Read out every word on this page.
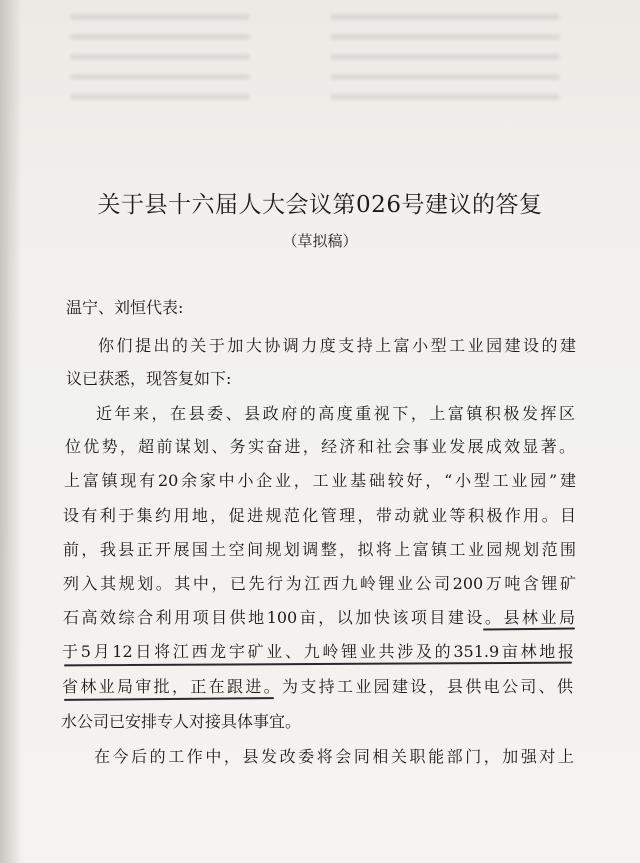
关于县十六届人大会议第026号建议的答复
（草拟稿）
温宁、刘恒代表:
你们提出的关于加大协调力度支持上富小型工业园建设的建
议已获悉，现答复如下:
近年来，在县委、县政府的高度重视下，上富镇积极发挥区
位优势，超前谋划、务实奋进，经济和社会事业发展成效显著。
上富镇现有20余家中小企业，工业基础较好，“小型工业园”建
设有利于集约用地，促进规范化管理，带动就业等积极作用。目
前，我县正开展国土空间规划调整，拟将上富镇工业园规划范围
列入其规划。其中，已先行为江西九岭锂业公司200万吨含锂矿
石高效综合利用项目供地100亩，以加快该项目建设。县林业局
于5月12日将江西龙宇矿业、九岭锂业共涉及的351.9亩林地报
省林业局审批，正在跟进。为支持工业园建设，县供电公司、供
水公司已安排专人对接具体事宜。
在今后的工作中，县发改委将会同相关职能部门，加强对上
